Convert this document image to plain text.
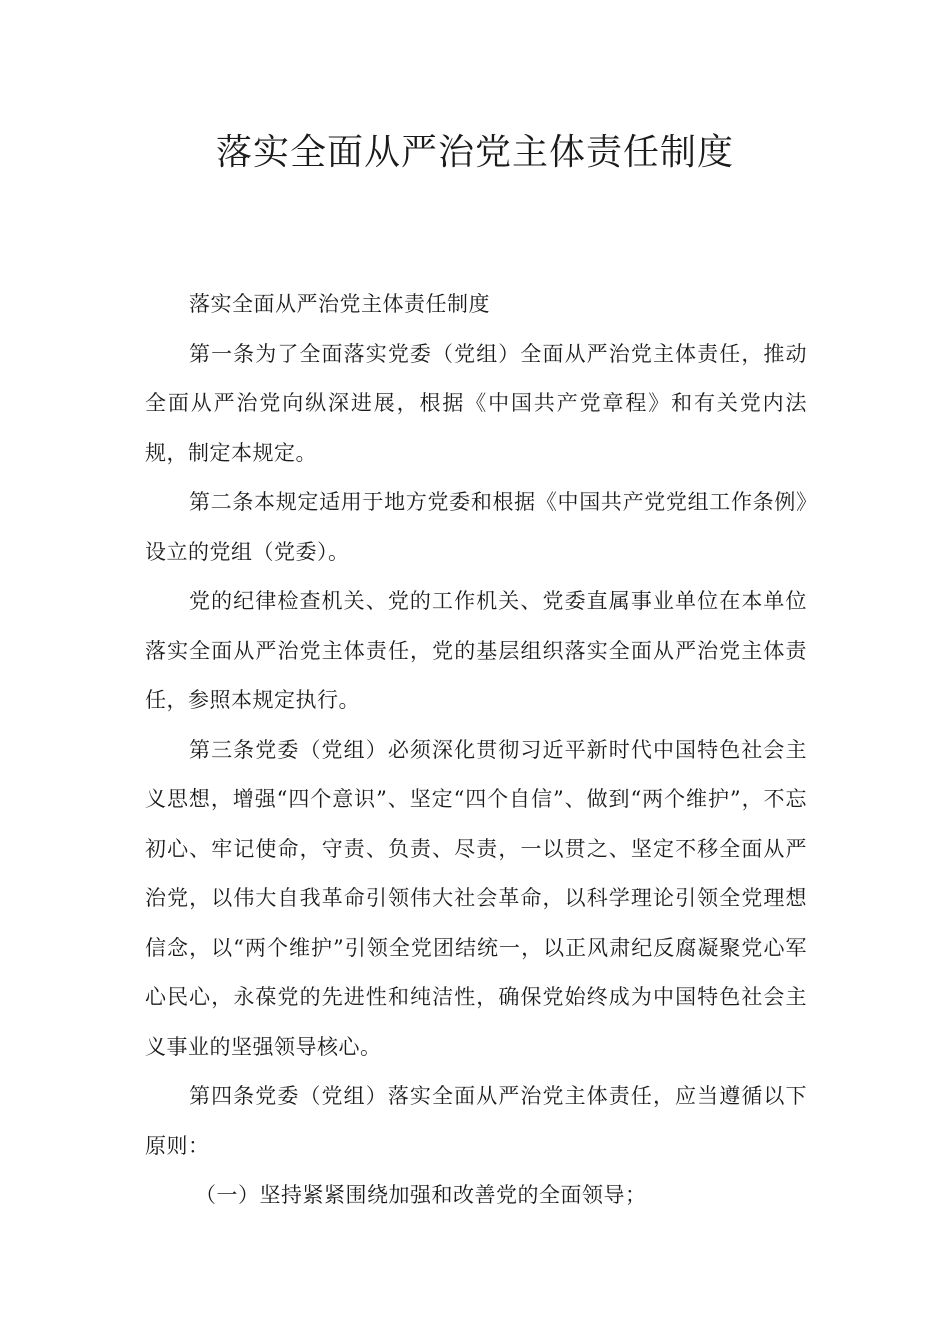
落实全面从严治党主体责任制度

落实全面从严治党主体责任制度

第一条为了全面落实党委（党组）全面从严治党主体责任，推动全面从严治党向纵深进展，根据《中国共产党章程》和有关党内法规，制定本规定。

第二条本规定适用于地方党委和根据《中国共产党党组工作条例》设立的党组（党委）。

党的纪律检查机关、党的工作机关、党委直属事业单位在本单位落实全面从严治党主体责任，党的基层组织落实全面从严治党主体责任，参照本规定执行。

第三条党委（党组）必须深化贯彻习近平新时代中国特色社会主义思想，增强“四个意识”、坚定“四个自信”、做到“两个维护”，不忘初心、牢记使命，守责、负责、尽责，一以贯之、坚定不移全面从严治党，以伟大自我革命引领伟大社会革命，以科学理论引领全党理想信念，以“两个维护”引领全党团结统一，以正风肃纪反腐凝聚党心军心民心，永葆党的先进性和纯洁性，确保党始终成为中国特色社会主义事业的坚强领导核心。

第四条党委（党组）落实全面从严治党主体责任，应当遵循以下原则：

（一）坚持紧紧围绕加强和改善党的全面领导；
